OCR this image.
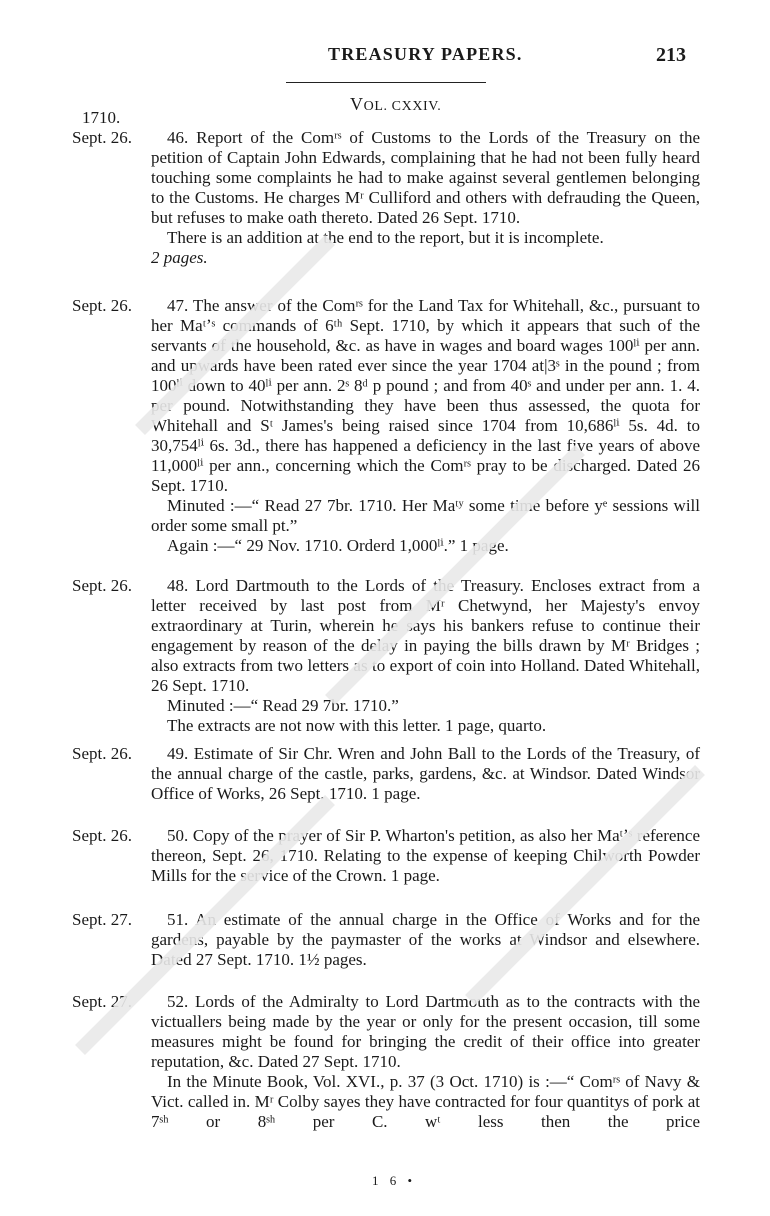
TREASURY PAPERS.	213
VOL. CXXIV.
1710.
Sept. 26.	46. Report of the Comʳˢ of Customs to the Lords of the Treasury on the petition of Captain John Edwards, complaining that he had not been fully heard touching some complaints he had to make against several gentlemen belonging to the Customs. He charges Mʳ Culliford and others with defrauding the Queen, but refuses to make oath thereto. Dated 26 Sept. 1710.

There is an addition at the end to the report, but it is incomplete.

2 pages.

Sept. 26.	47. The answer of the Comʳˢ for the Land Tax for Whitehall, &c., pursuant to her Maᵗʼˢ commands of 6ᵗʰ Sept. 1710, by which it appears that such of the servants of the household, &c. as have in wages and board wages 100ˡⁱ per ann. and upwards have been rated ever since the year 1704 at|3ˢ in the pound ; from 100ˡⁱ down to 40ˡⁱ per ann. 2ˢ 8ᵈ p pound ; and from 40ˢ and under per ann. 1. 4. per pound. Notwithstanding they have been thus assessed, the quota for Whitehall and Sᵗ James's being raised since 1704 from 10,686ˡⁱ 5s. 4d. to 30,754ˡⁱ 6s. 3d., there has happened a deficiency in the last five years of above 11,000ˡⁱ per ann., concerning which the Comʳˢ pray to be discharged. Dated 26 Sept. 1710.

Minuted :—“ Read 27 7br. 1710. Her Maᵗʸ some time before yᵉ sessions will order some small pt.”

Again :—“ 29 Nov. 1710. Orderd 1,000ˡⁱ.” 1 page.

Sept. 26.	48. Lord Dartmouth to the Lords of the Treasury. Encloses extract from a letter received by last post from Mʳ Chetwynd, her Majesty's envoy extraordinary at Turin, wherein he says his bankers refuse to continue their engagement by reason of the delay in paying the bills drawn by Mʳ Bridges ; also extracts from two letters as to export of coin into Holland. Dated Whitehall, 26 Sept. 1710.

Minuted :—“ Read 29 7br. 1710.”

The extracts are not now with this letter. 1 page, quarto.

Sept. 26.	49. Estimate of Sir Chr. Wren and John Ball to the Lords of the Treasury, of the annual charge of the castle, parks, gardens, &c. at Windsor. Dated Windsor Office of Works, 26 Sept. 1710. 1 page.

Sept. 26.	50. Copy of the prayer of Sir P. Wharton's petition, as also her Maᵗʼˢ reference thereon, Sept. 26, 1710. Relating to the expense of keeping Chilworth Powder Mills for the service of the Crown. 1 page.

Sept. 27.	51. An estimate of the annual charge in the Office of Works and for the gardens, payable by the paymaster of the works at Windsor and elsewhere. Dated 27 Sept. 1710. 1½ pages.

Sept. 27.	52. Lords of the Admiralty to Lord Dartmouth as to the contracts with the victuallers being made by the year or only for the present occasion, till some measures might be found for bringing the credit of their office into greater reputation, &c. Dated 27 Sept. 1710.

In the Minute Book, Vol. XVI., p. 37 (3 Oct. 1710) is :—“ Comʳˢ of Navy & Vict. called in. Mʳ Colby sayes they have contracted for four quantitys of pork at 7ˢʰ or 8ˢʰ per C. wᵗ less then the price

1 6 •
